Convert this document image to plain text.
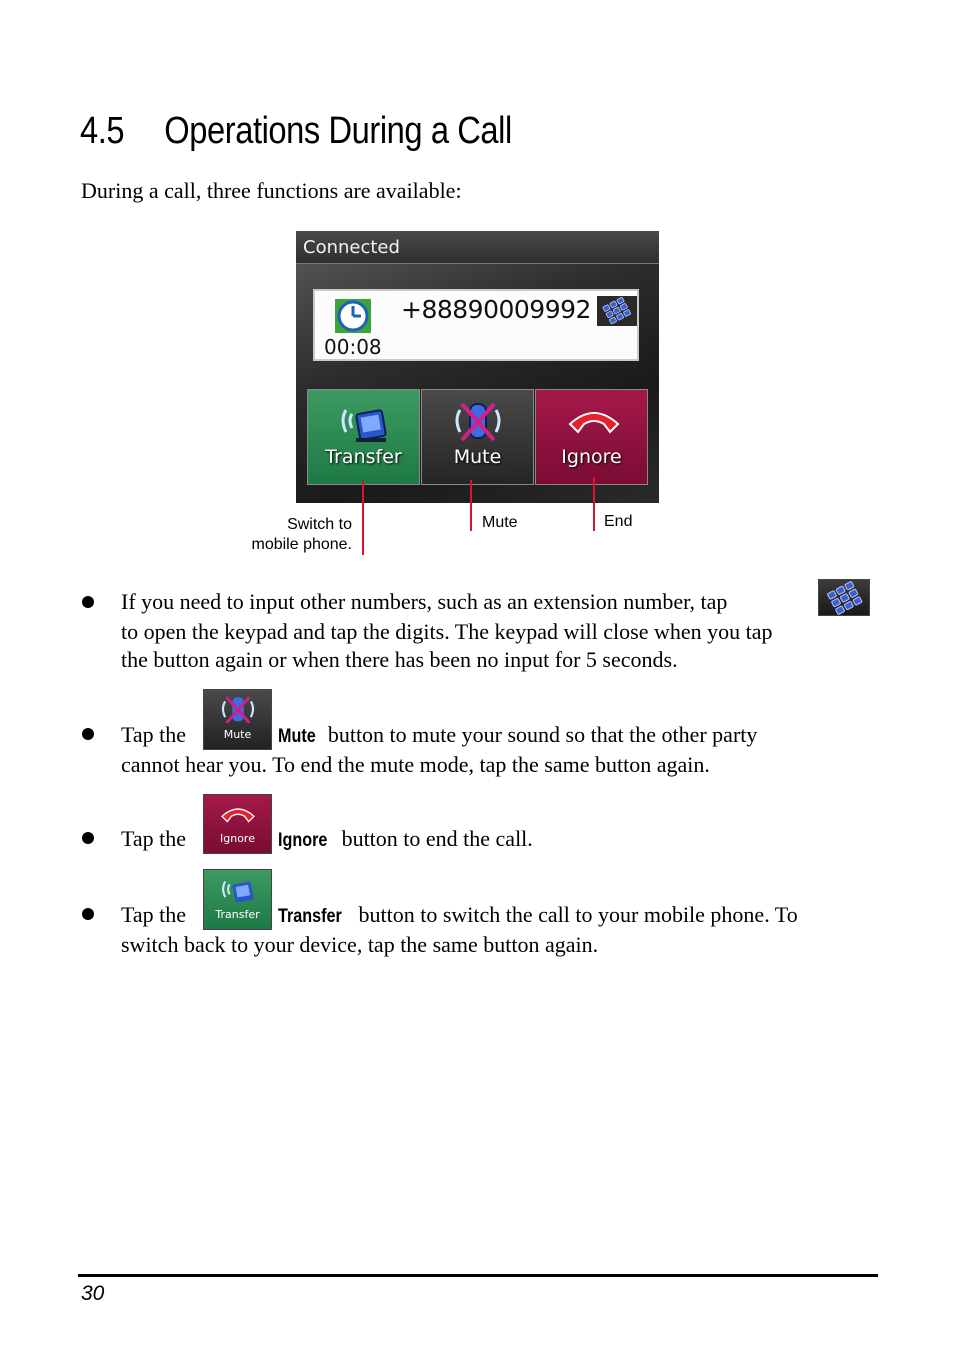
4.5 Operations During a Call
During a call, three functions are available:
Connected
00:08
+88890009992
Transfer	Mute	Ignore
Switch to
mobile phone.
Mute	End
If you need to input other numbers, such as an extension number, tap
to open the keypad and tap the digits. The keypad will close when you tap
the button again or when there has been no input for 5 seconds.
Tap the	Mute	Mute button to mute your sound so that the other party
cannot hear you. To end the mute mode, tap the same button again.
Tap the	Ignore	Ignore button to end the call.
Tap the	Transfer Transfer button to switch the call to your mobile phone. To
switch back to your device, tap the same button again.
30
